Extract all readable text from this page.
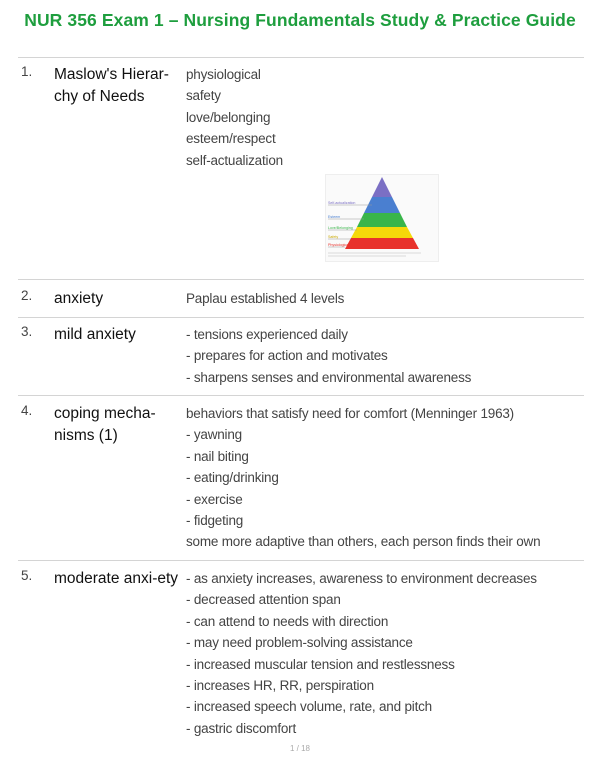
NUR 356 Exam 1 – Nursing Fundamentals Study & Practice Guide
1. Maslow's Hierar-chy of Needs
physiological
safety
love/belonging
esteem/respect
self-actualization
Self-actualization
Esteem
Love/Belonging
Safety
Physiological
2. anxiety	Paplau established 4 levels
3. mild anxiety	- tensions experienced daily
- prepares for action and motivates
- sharpens senses and environmental awareness
4. coping mecha-nisms (1)
behaviors that satisfy need for comfort (Menninger 1963)
- yawning
- nail biting
- eating/drinking
- exercise
- fidgeting
some more adaptive than others, each person finds their own
5. moderate anxi-ety - as anxiety increases, awareness to environment decreases
- decreased attention span
- can attend to needs with direction
- may need problem-solving assistance
- increased muscular tension and restlessness
- increases HR, RR, perspiration
- increased speech volume, rate, and pitch
- gastric discomfort
1 / 18
